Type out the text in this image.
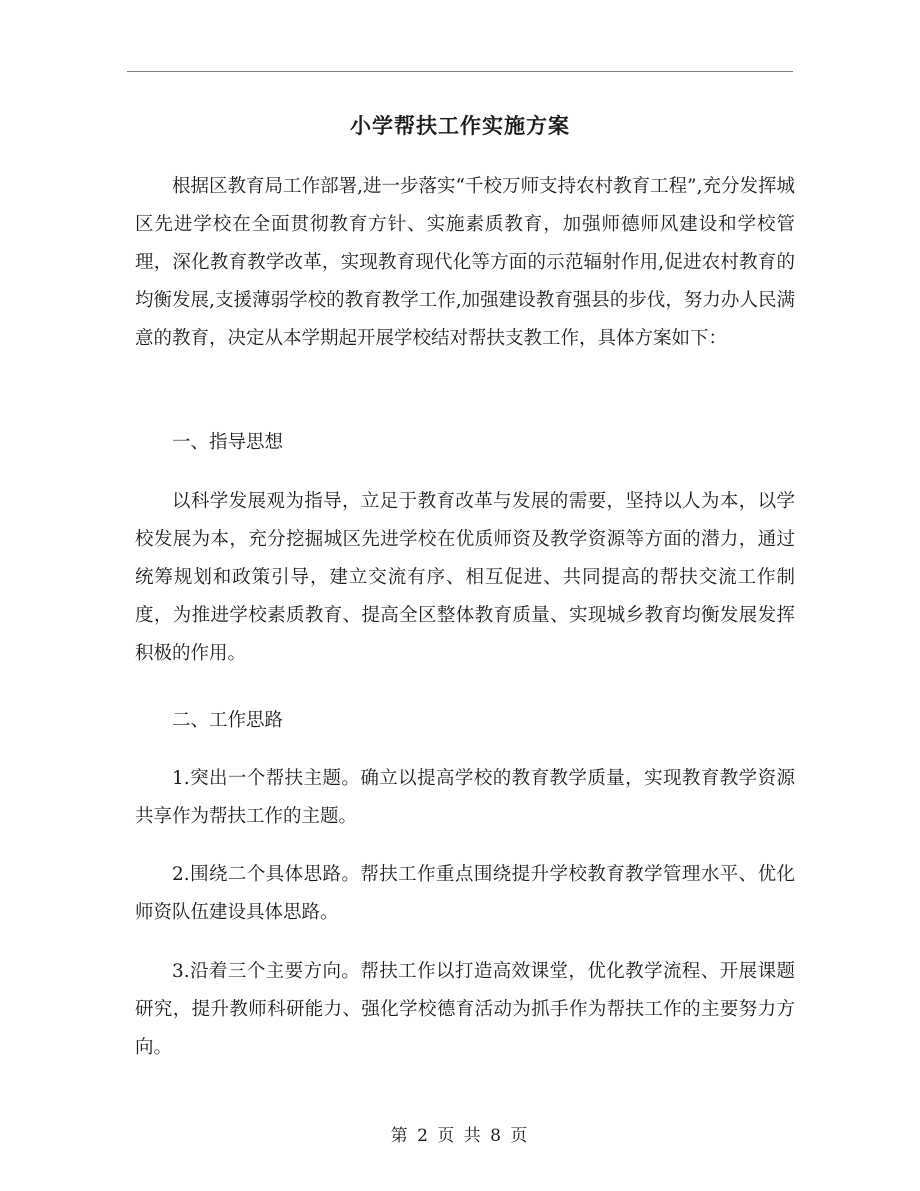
小学帮扶工作实施方案

根据区教育局工作部署,进一步落实“千校万师支持农村教育工程”,充分发挥城区先进学校在全面贯彻教育方针、实施素质教育，加强师德师风建设和学校管理，深化教育教学改革，实现教育现代化等方面的示范辐射作用,促进农村教育的均衡发展,支援薄弱学校的教育教学工作,加强建设教育强县的步伐，努力办人民满意的教育，决定从本学期起开展学校结对帮扶支教工作，具体方案如下：

一、指导思想

以科学发展观为指导，立足于教育改革与发展的需要，坚持以人为本，以学校发展为本，充分挖掘城区先进学校在优质师资及教学资源等方面的潜力，通过统筹规划和政策引导，建立交流有序、相互促进、共同提高的帮扶交流工作制度，为推进学校素质教育、提高全区整体教育质量、实现城乡教育均衡发展发挥积极的作用。

二、工作思路

1.突出一个帮扶主题。确立以提高学校的教育教学质量，实现教育教学资源共享作为帮扶工作的主题。

2.围绕二个具体思路。帮扶工作重点围绕提升学校教育教学管理水平、优化师资队伍建设具体思路。

3.沿着三个主要方向。帮扶工作以打造高效课堂，优化教学流程、开展课题研究，提升教师科研能力、强化学校德育活动为抓手作为帮扶工作的主要努力方向。

第 2 页 共 8 页
